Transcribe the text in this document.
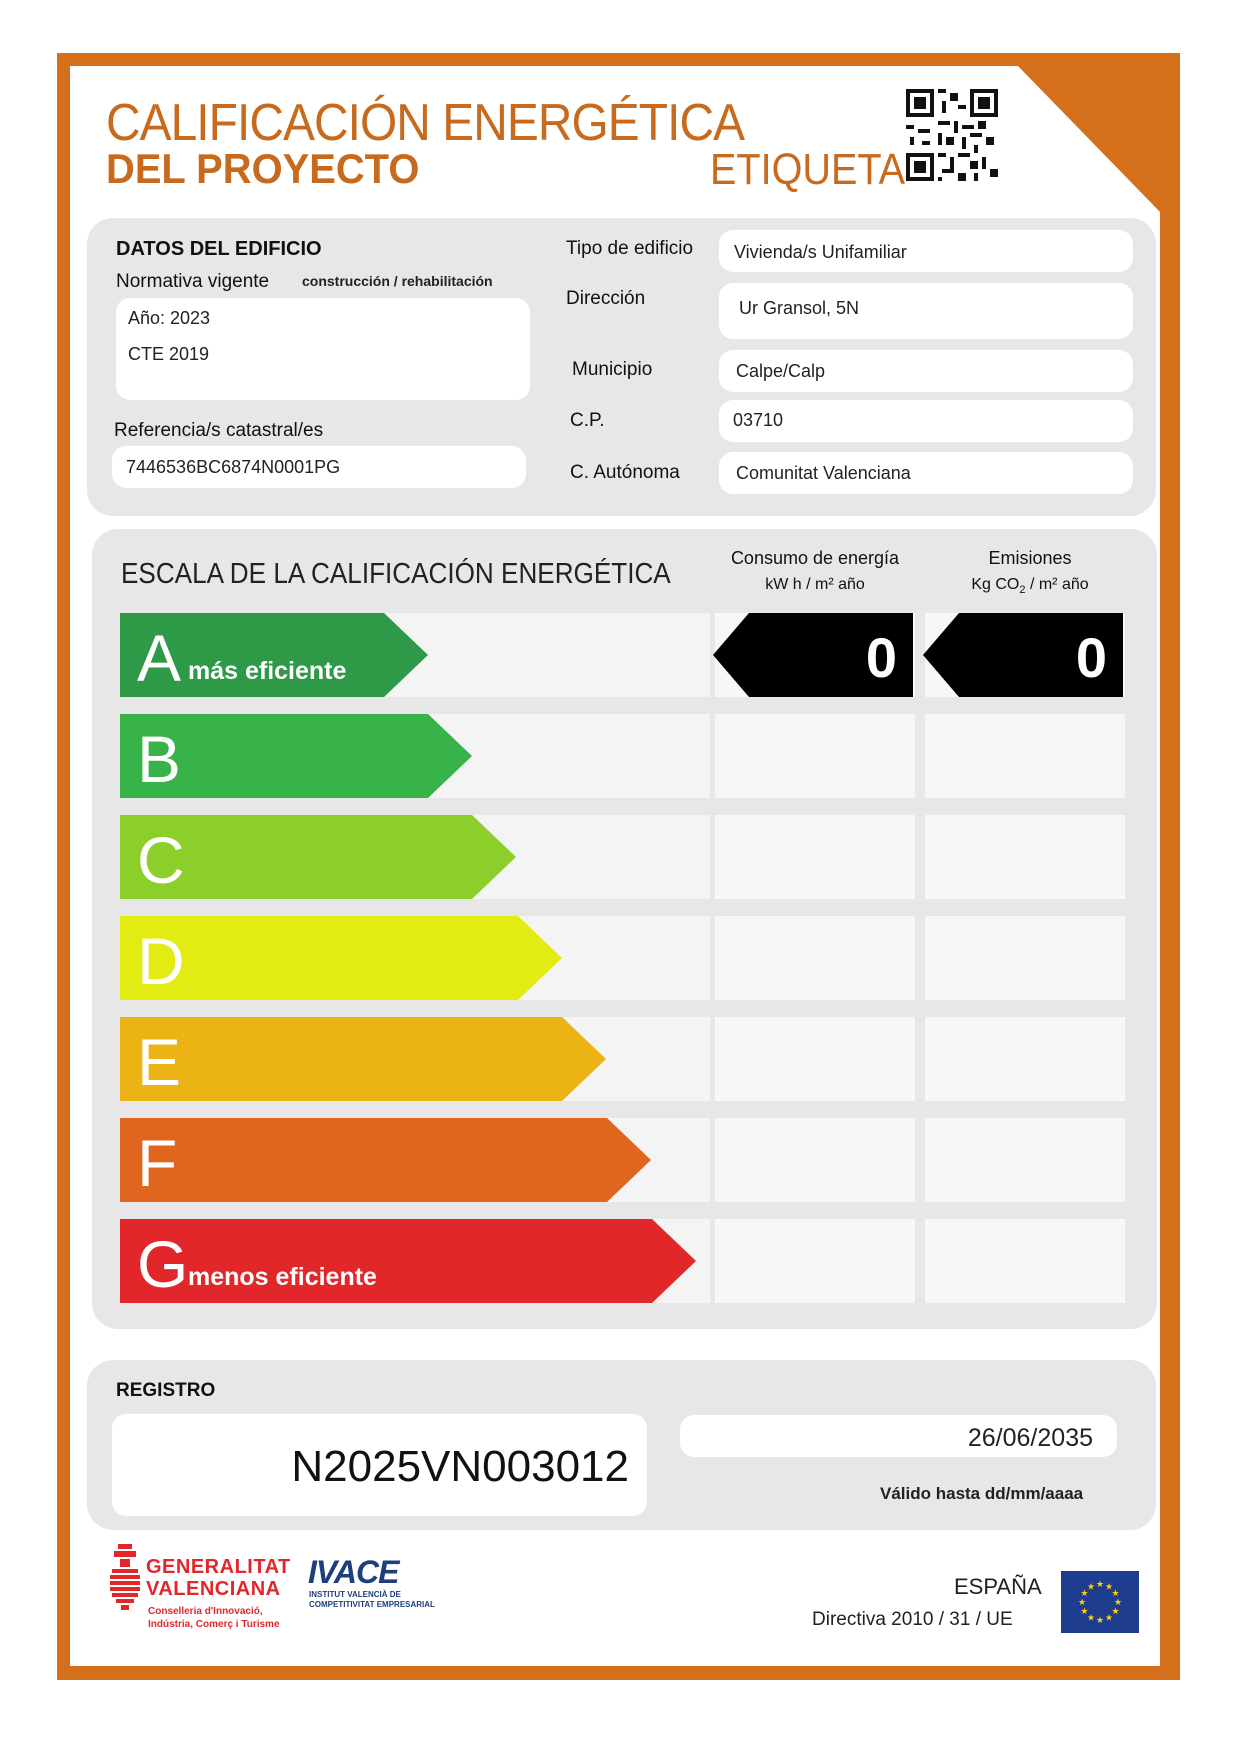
CALIFICACIÓN ENERGÉTICA
DEL PROYECTO	ETIQUETA
DATOS DEL EDIFICIO
Normativa vigente construcción / rehabilitación
Año: 2023
CTE 2019
Referencia/s catastral/es
7446536BC6874N0001PG
Tipo de edificio Vivienda/s Unifamiliar
Dirección	Ur Gransol, 5N
Municipio	Calpe/Calp
C.P.	03710
C. Autónoma	Comunitat Valenciana
ESCALA DE LA CALIFICACIÓN ENERGÉTICA	Consumo de energía
kW h / m² año
Emisiones
Kg $CO_2 / m^2$ año
A más eficiente	0	0
B
C
D
E
F
G menos eficiente
REGISTRO
N2025VN003012
26/06/2035
Válido hasta dd/mm/aaaa
GENERALITAT
VALENCIANA
Conselleria d'Innovació,
Indústria, Comerç i Turisme
IVACE
INSTITUT VALENCIÀ DE
COMPETITIVITAT EMPRESARIAL
ESPAÑA
Directiva 2010 / 31 / UE
★
★
★
★
★
★
★
★
★ ★ ★
★
